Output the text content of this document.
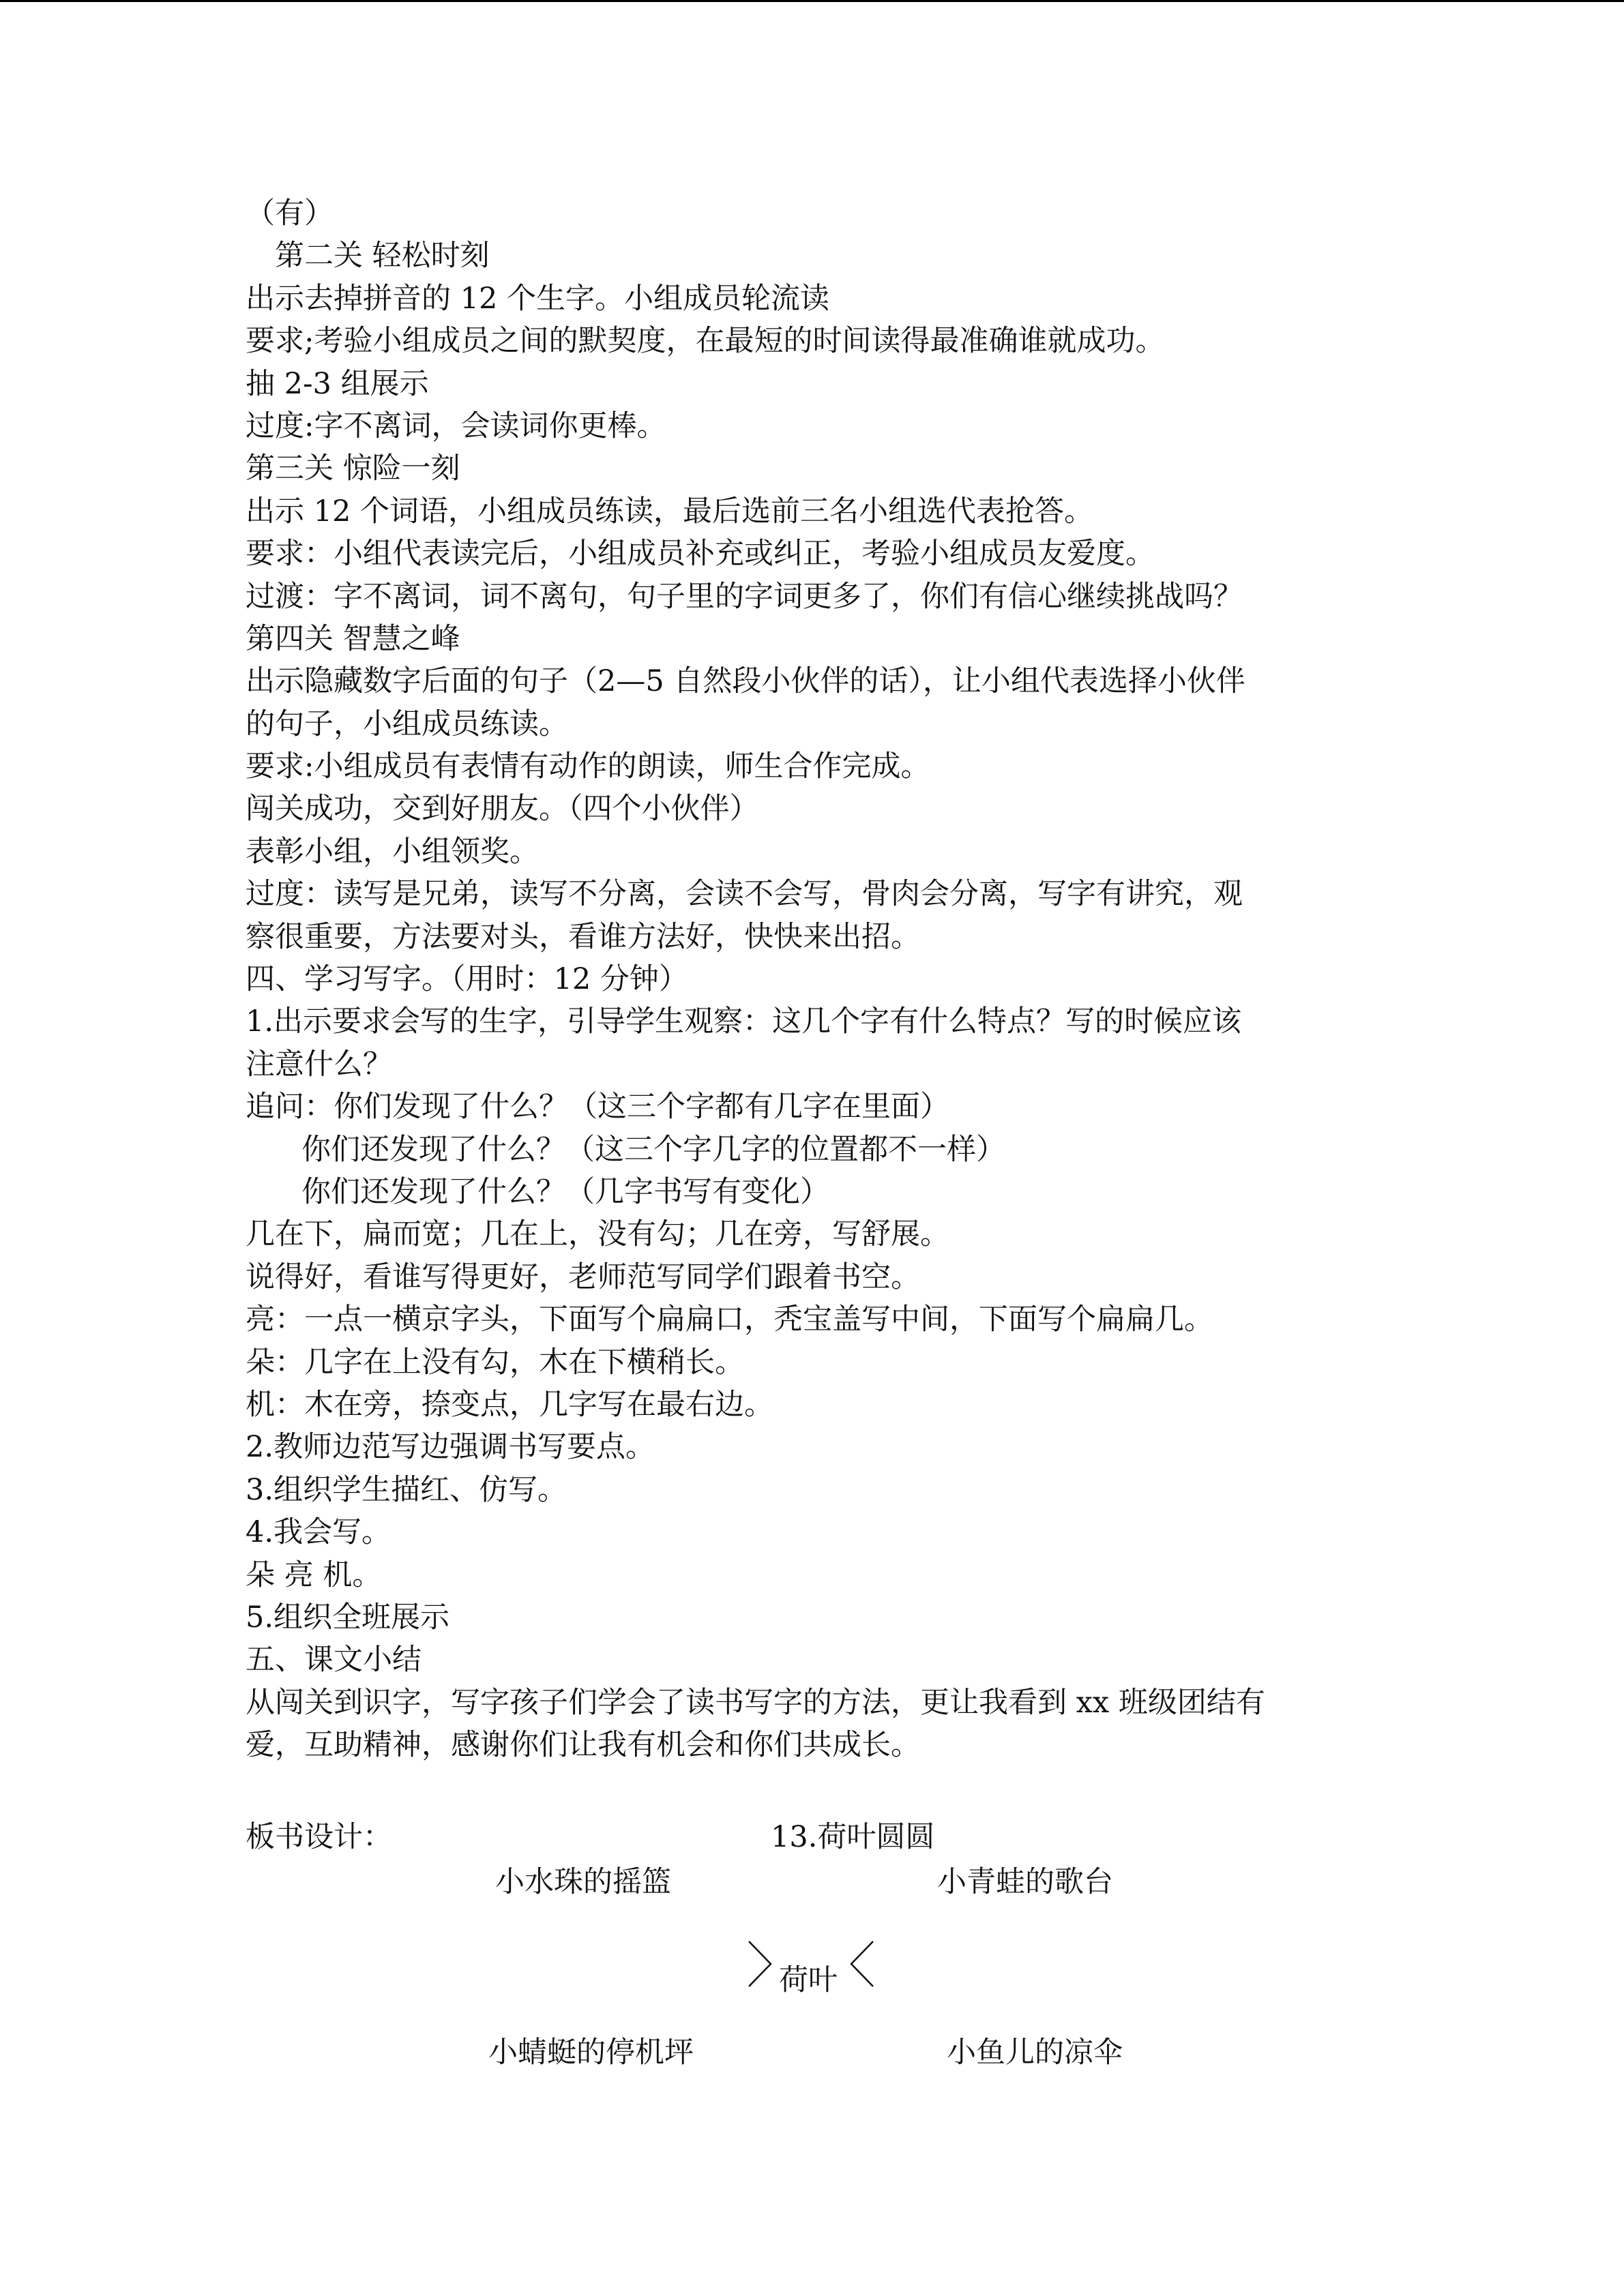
（有）
　第二关 轻松时刻
出示去掉拼音的 12 个生字。小组成员轮流读
要求;考验小组成员之间的默契度，在最短的时间读得最准确谁就成功。
抽 2-3 组展示
过度:字不离词，会读词你更棒。
第三关 惊险一刻
出示 12 个词语，小组成员练读，最后选前三名小组选代表抢答。
要求：小组代表读完后，小组成员补充或纠正，考验小组成员友爱度。
过渡：字不离词，词不离句，句子里的字词更多了，你们有信心继续挑战吗？
第四关 智慧之峰
出示隐藏数字后面的句子（2—5 自然段小伙伴的话），让小组代表选择小伙伴
的句子，小组成员练读。
要求:小组成员有表情有动作的朗读，师生合作完成。
闯关成功，交到好朋友。（四个小伙伴）
表彰小组，小组领奖。
过度：读写是兄弟，读写不分离，会读不会写，骨肉会分离，写字有讲究，观
察很重要，方法要对头，看谁方法好，快快来出招。
四、学习写字。（用时：12 分钟）
1.出示要求会写的生字，引导学生观察：这几个字有什么特点？写的时候应该
注意什么？
追问：你们发现了什么？（这三个字都有几字在里面）
你们还发现了什么？（这三个字几字的位置都不一样）
你们还发现了什么？（几字书写有变化）
几在下，扁而宽；几在上，没有勾；几在旁，写舒展。
说得好，看谁写得更好，老师范写同学们跟着书空。
亮：一点一横京字头，下面写个扁扁口，秃宝盖写中间，下面写个扁扁几。
朵：几字在上没有勾，木在下横稍长。
机：木在旁，捺变点，几字写在最右边。
2.教师边范写边强调书写要点。
3.组织学生描红、仿写。
4.我会写。
朵 亮 机。
5.组织全班展示
五、课文小结
从闯关到识字，写字孩子们学会了读书写字的方法，更让我看到 xx 班级团结有
爱，互助精神，感谢你们让我有机会和你们共成长。
板书设计：	13.荷叶圆圆
小水珠的摇篮	小青蛙的歌台
荷叶
小蜻蜓的停机坪	小鱼儿的凉伞
